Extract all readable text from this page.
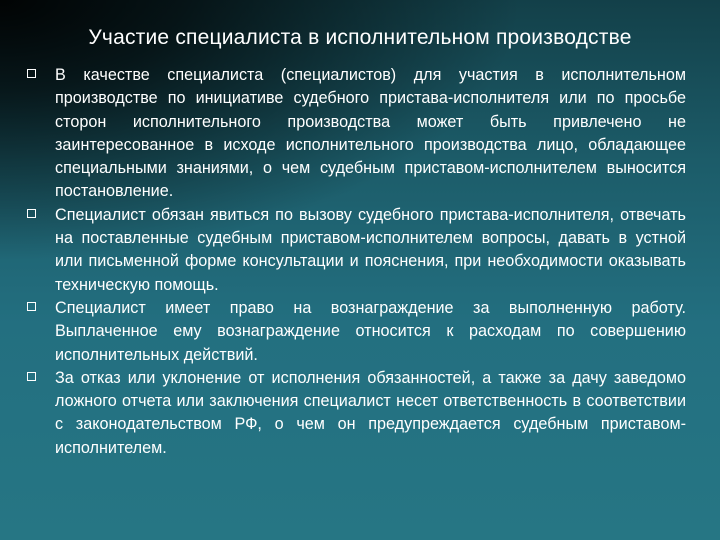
Участие специалиста в исполнительном производстве
В качестве специалиста (специалистов) для участия в исполнительном производстве по инициативе судебного пристава-исполнителя или по просьбе сторон исполнительного производства может быть привлечено не заинтересованное в исходе исполнительного производства лицо, обладающее специальными знаниями, о чем судебным приставом-исполнителем выносится постановление.
Специалист обязан явиться по вызову судебного пристава-исполнителя, отвечать на поставленные судебным приставом-исполнителем вопросы, давать в устной или письменной форме консультации и пояснения, при необходимости оказывать техническую помощь.
Специалист имеет право на вознаграждение за выполненную работу. Выплаченное ему вознаграждение относится к расходам по совершению исполнительных действий.
За отказ или уклонение от исполнения обязанностей, а также за дачу заведомо ложного отчета или заключения специалист несет ответственность в соответствии с законодательством РФ, о чем он предупреждается судебным приставом-исполнителем.
